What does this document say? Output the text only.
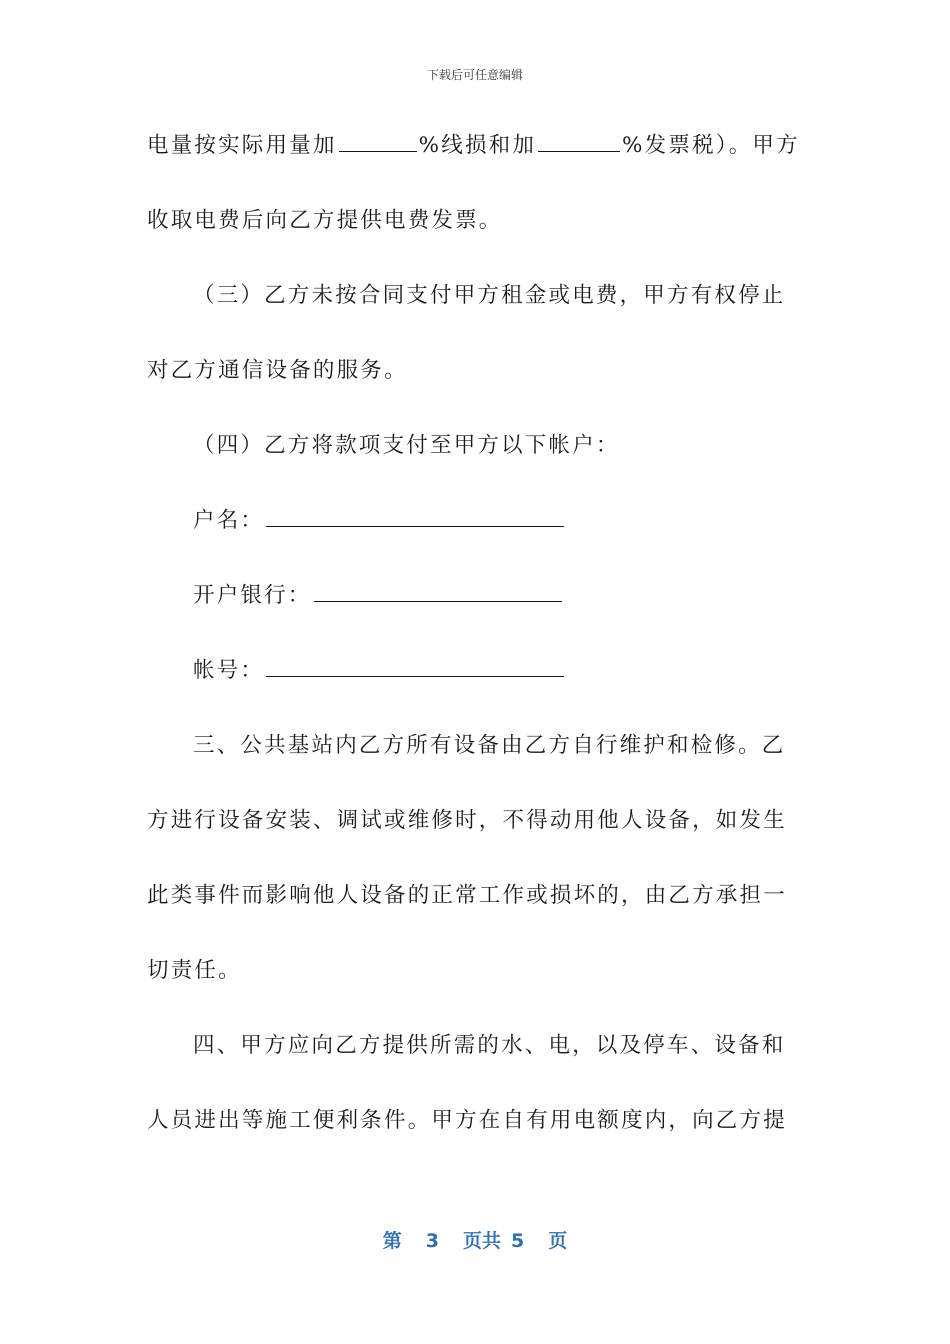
下载后可任意编辑
电量按实际用量加	%线损和加	%发票税）。甲方
收取电费后向乙方提供电费发票。
（三）乙方未按合同支付甲方租金或电费，甲方有权停止
对乙方通信设备的服务。
（四）乙方将款项支付至甲方以下帐户：
户名：
开户银行：
帐号：
三、公共基站内乙方所有设备由乙方自行维护和检修。乙
方进行设备安装、调试或维修时，不得动用他人设备，如发生
此类事件而影响他人设备的正常工作或损坏的，由乙方承担一
切责任。
四、甲方应向乙方提供所需的水、电，以及停车、设备和
人员进出等施工便利条件。甲方在自有用电额度内，向乙方提
第 3 页共 5 页
